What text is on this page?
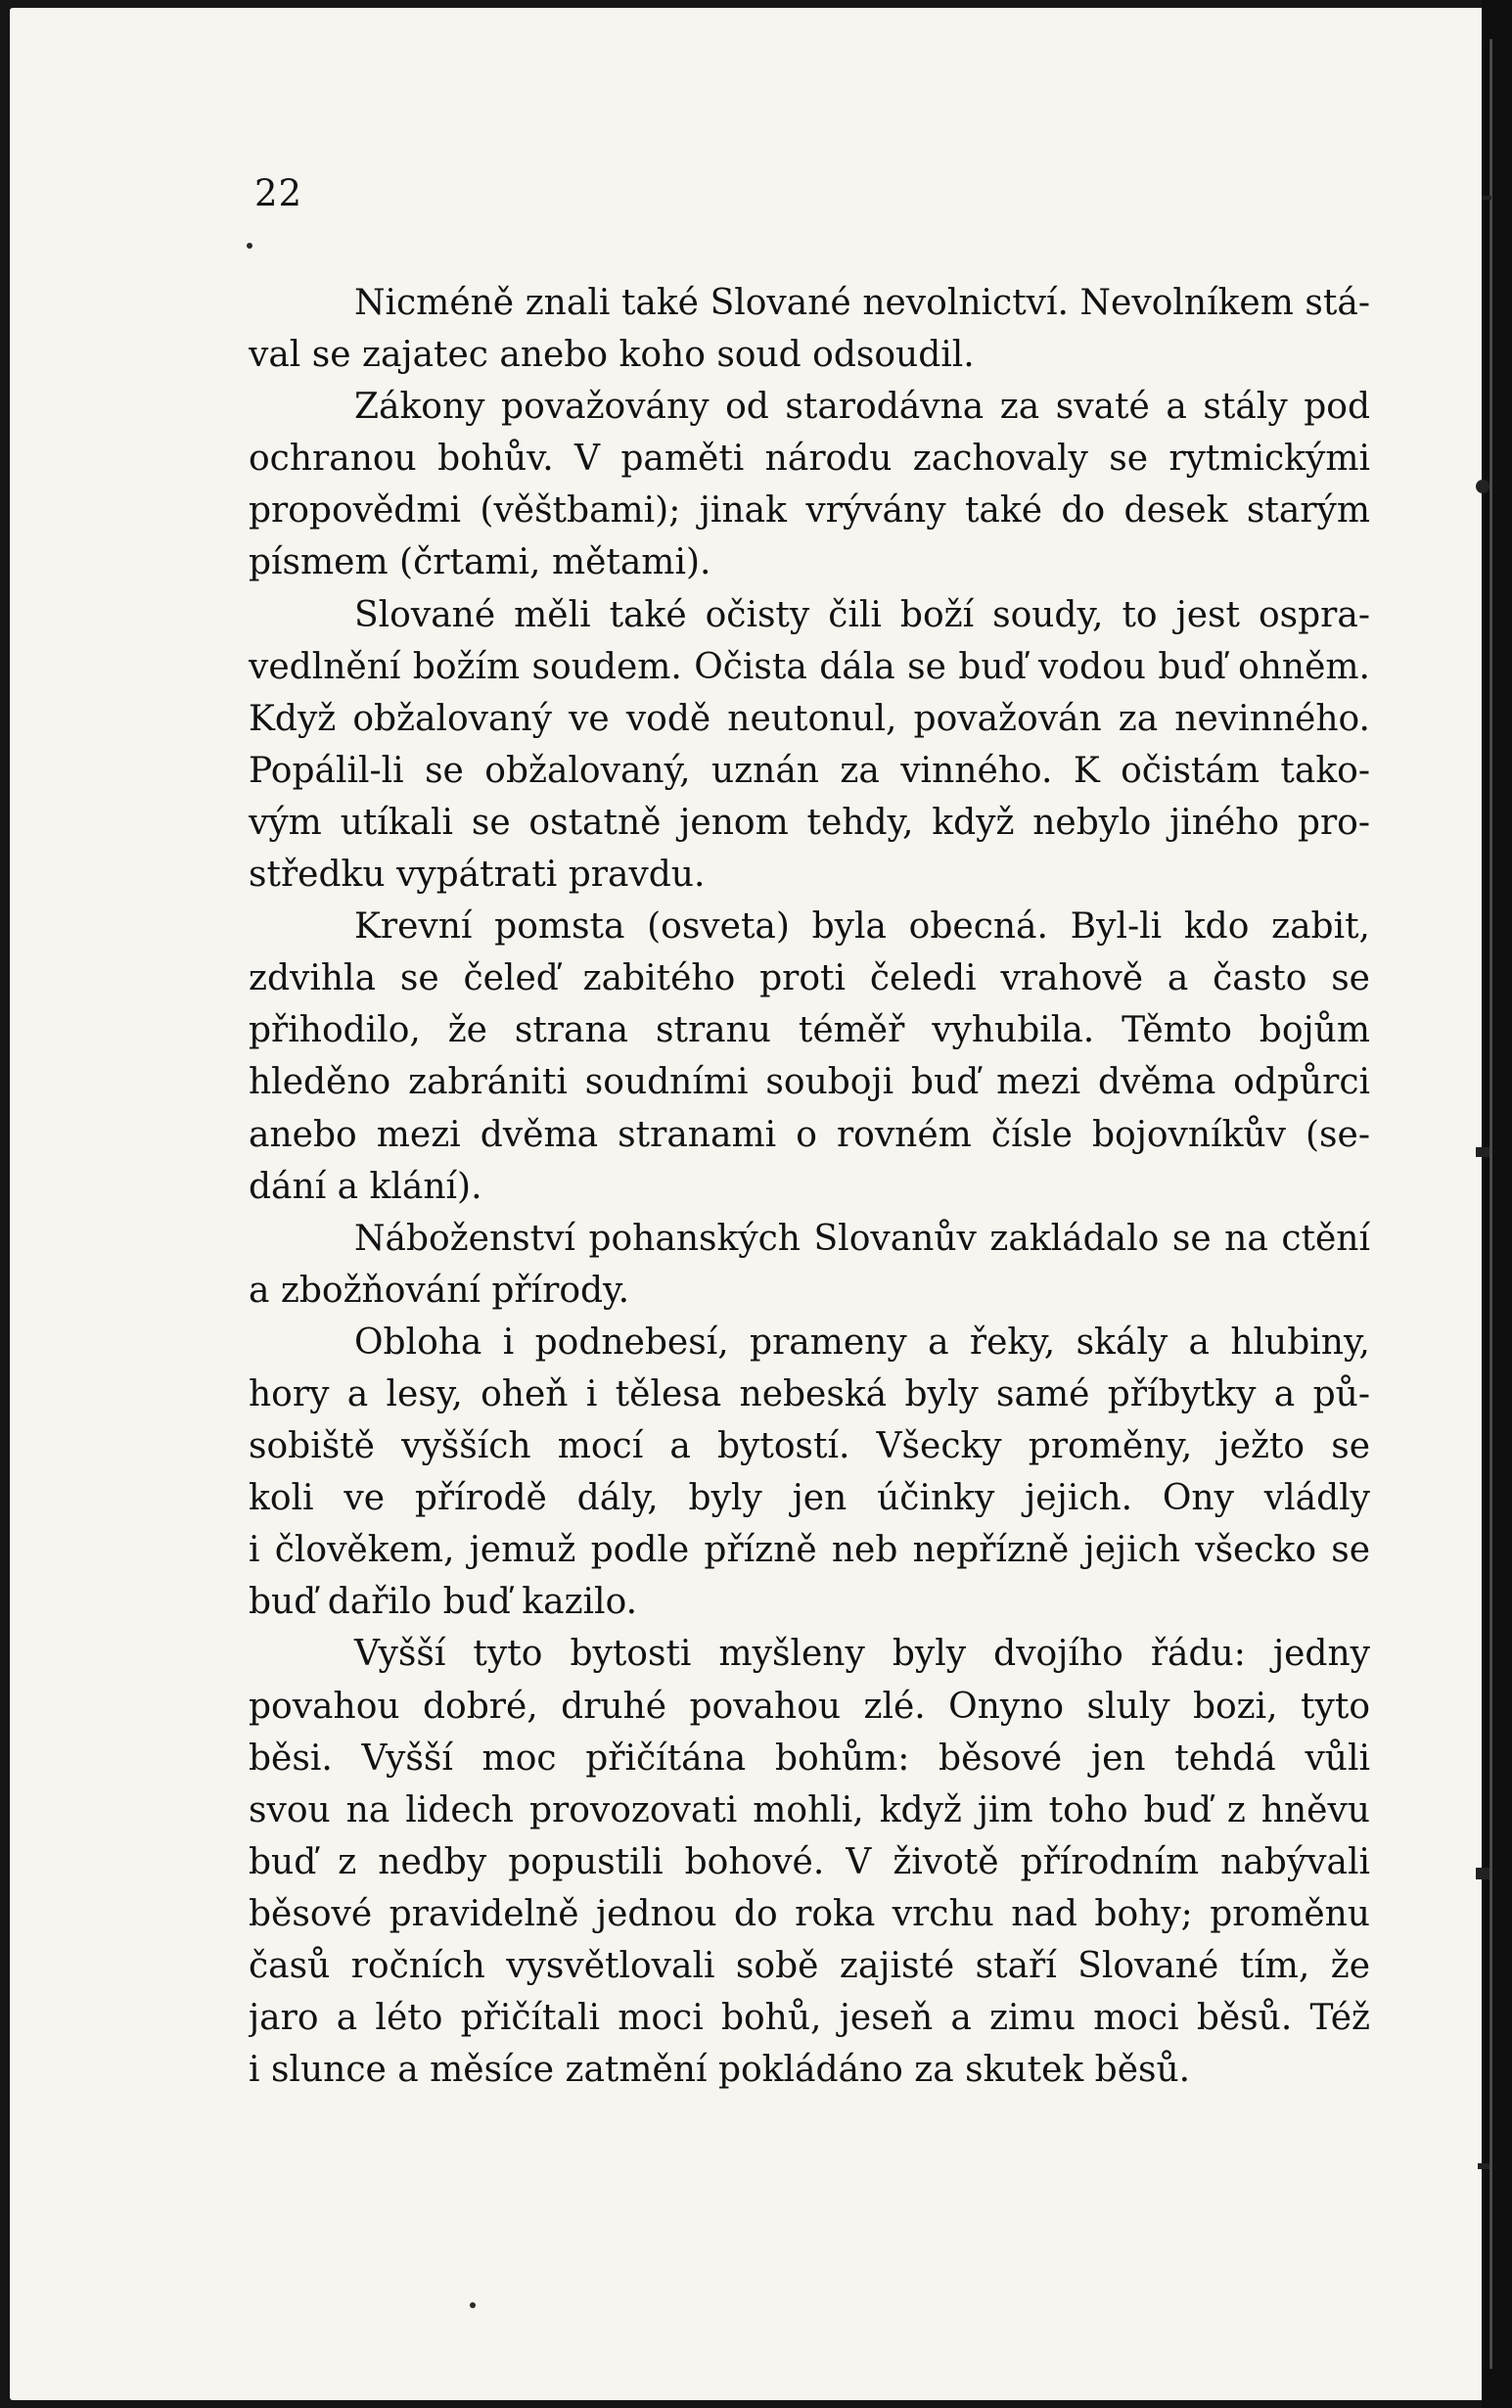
22
Nicméně znali také Slované nevolnictví. Nevolníkem stá-
val se zajatec anebo koho soud odsoudil.
Zákony považovány od starodávna za svaté a stály pod
ochranou bohův. V paměti národu zachovaly se rytmickými
propovědmi (věštbami); jinak vrývány také do desek starým
písmem (črtami, mětami).
Slované měli také očisty čili boží soudy, to jest ospra-
vedlnění božím soudem. Očista dála se buď vodou buď ohněm.
Když obžalovaný ve vodě neutonul, považován za nevinného.
Popálil-li se obžalovaný, uznán za vinného. K očistám tako-
vým utíkali se ostatně jenom tehdy, když nebylo jiného pro-
středku vypátrati pravdu.
Krevní pomsta (osveta) byla obecná. Byl-li kdo zabit,
zdvihla se čeleď zabitého proti čeledi vrahově a často se
přihodilo, že strana stranu téměř vyhubila. Těmto bojům
hleděno zabrániti soudními souboji buď mezi dvěma odpůrci
anebo mezi dvěma stranami o rovném čísle bojovníkův (se-
dání a klání).
Náboženství pohanských Slovanův zakládalo se na ctění
a zbožňování přírody.
Obloha i podnebesí, prameny a řeky, skály a hlubiny,
hory a lesy, oheň i tělesa nebeská byly samé příbytky a pů-
sobiště vyšších mocí a bytostí. Všecky proměny, ježto se
koli ve přírodě dály, byly jen účinky jejich. Ony vládly
i člověkem, jemuž podle přízně neb nepřízně jejich všecko se
buď dařilo buď kazilo.
Vyšší tyto bytosti myšleny byly dvojího řádu: jedny
povahou dobré, druhé povahou zlé. Onyno sluly bozi, tyto
běsi. Vyšší moc přičítána bohům: běsové jen tehdá vůli
svou na lidech provozovati mohli, když jim toho buď z hněvu
buď z nedby popustili bohové. V životě přírodním nabývali
běsové pravidelně jednou do roka vrchu nad bohy; proměnu
časů ročních vysvětlovali sobě zajisté staří Slované tím, že
jaro a léto přičítali moci bohů, jeseň a zimu moci běsů. Též
i slunce a měsíce zatmění pokládáno za skutek běsů.
